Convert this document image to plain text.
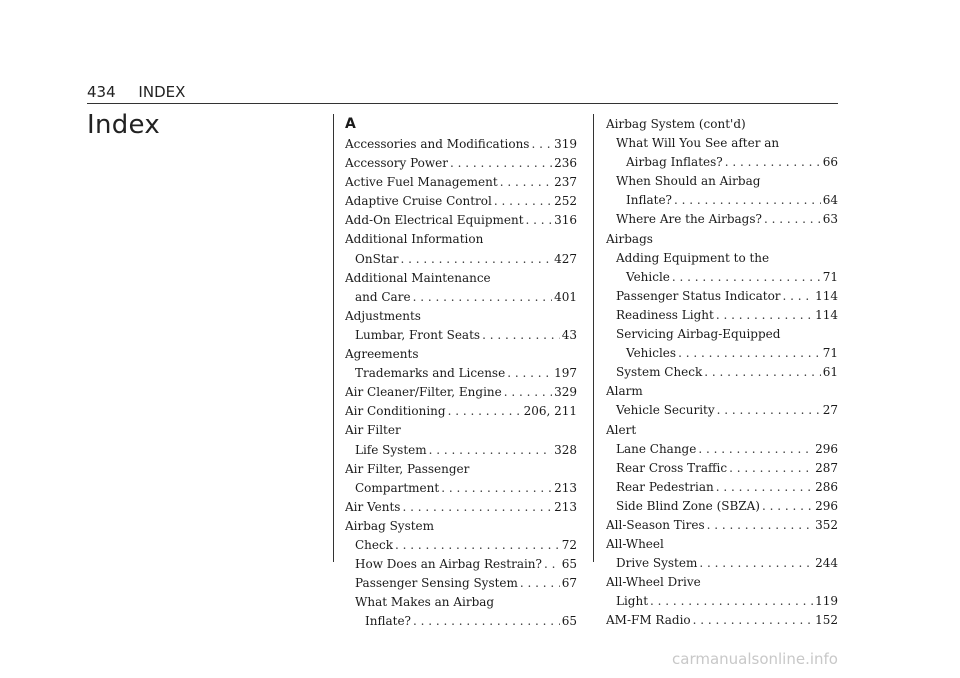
434 INDEX
Index	A
Accessories and Modifications . . . 319
Accessory Power . . .	236
Active Fuel Management . . .	237
Adaptive Cruise Control . . .	252
Add-On Electrical Equipment . . .	316
Additional Information
OnStar . . .	427
Additional Maintenance
and Care . . .	401
Adjustments
Lumbar, Front Seats . . .	43
Agreements
Trademarks and License . . .	197
Air Cleaner/Filter, Engine . . .	329
Air Conditioning . . .	206, 211
Air Filter
Life System . . .	328
Air Filter, Passenger
Compartment . . .	213
Air Vents . . .	213
Airbag System
Check . . .	72
How Does an Airbag Restrain? . . . 65
Passenger Sensing System . . .	67
What Makes an Airbag
Inflate? . . .	65
Airbag System (cont'd)
What Will You See after an
Airbag Inflates? . . .	66
When Should an Airbag
Inflate? . . .	64
Where Are the Airbags? . . .	63
Airbags
Adding Equipment to the
Vehicle . . .	71
Passenger Status Indicator . . .	114
Readiness Light . . .	114
Servicing Airbag-Equipped
Vehicles . . .	71
System Check . . .	61
Alarm
Vehicle Security . . .	27
Alert
Lane Change . . .	296
Rear Cross Traffic . . .	287
Rear Pedestrian . . .	286
Side Blind Zone (SBZA) . . .	296
All-Season Tires . . .	352
All-Wheel
Drive System . . .	244
All-Wheel Drive
Light . . .	119
AM-FM Radio . . .	152
carmanualsonline.info
